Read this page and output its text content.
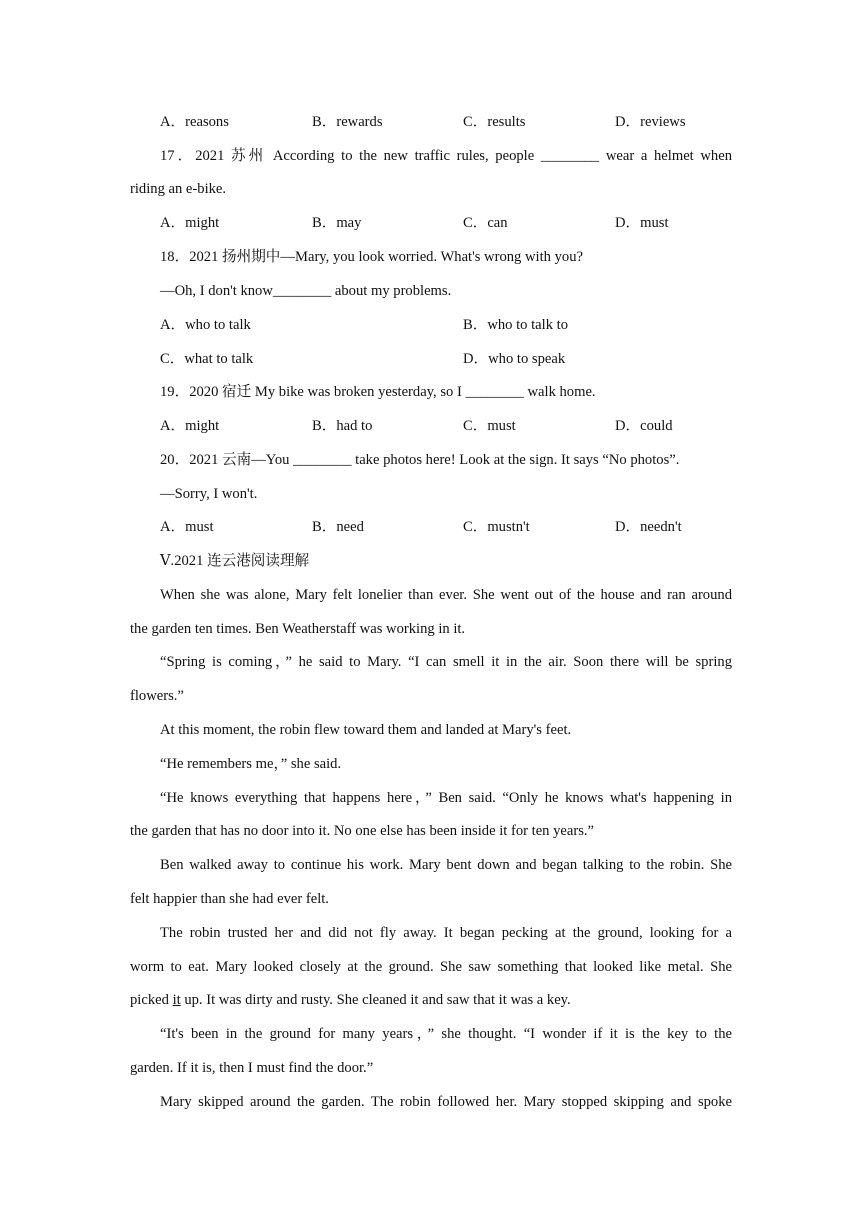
A．reasons	B．rewards	C．results	D．reviews
17．2021 苏州 According to the new traffic rules, people ________ wear a helmet when
riding an e-bike.
A．might	B．may	C．can	D．must
18．2021 扬州期中—Mary, you look worried. What's wrong with you?
—Oh, I don't know________ about my problems.
A．who to talk	B．who to talk to
C．what to talk	D．who to speak
19．2020 宿迁 My bike was broken yesterday, so I ________ walk home.
A．might	B．had to	C．must	D．could
20．2021 云南—You ________ take photos here! Look at the sign. It says “No photos”.
—Sorry, I won't.
A．must	B．need	C．mustn't	D．needn't
Ⅴ.2021 连云港阅读理解
When she was alone, Mary felt lonelier than ever. She went out of the house and ran around
the garden ten times. Ben Weatherstaff was working in it.
“Spring is coming，” he said to Mary. “I can smell it in the air. Soon there will be spring
flowers.”
At this moment, the robin flew toward them and landed at Mary's feet.
“He remembers me，” she said.
“He knows everything that happens here，” Ben said. “Only he knows what's happening in
the garden that has no door into it. No one else has been inside it for ten years.”
Ben walked away to continue his work. Mary bent down and began talking to the robin. She
felt happier than she had ever felt.
The robin trusted her and did not fly away. It began pecking at the ground, looking for a
worm to eat. Mary looked closely at the ground. She saw something that looked like metal. She
picked it up. It was dirty and rusty. She cleaned it and saw that it was a key.
“It's been in the ground for many years，” she thought. “I wonder if it is the key to the
garden. If it is, then I must find the door.”
Mary skipped around the garden. The robin followed her. Mary stopped skipping and spoke
